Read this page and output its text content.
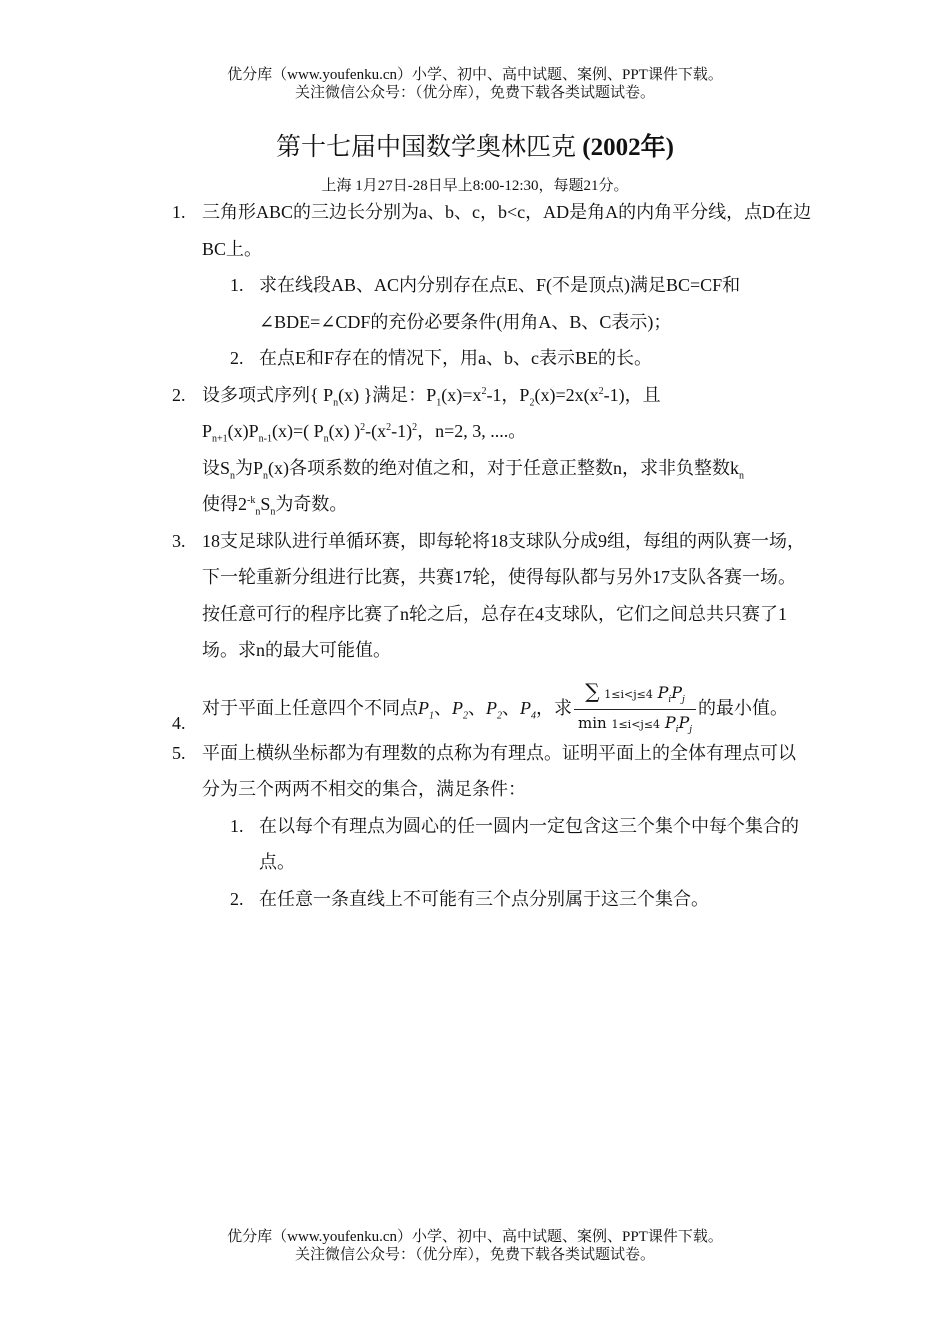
优分库（www.youfenku.cn）小学、初中、高中试题、案例、PPT课件下载。
关注微信公众号：（优分库），免费下载各类试题试卷。
第十七届中国数学奥林匹克 (2002年)
上海 1月27日-28日早上8:00-12:30，每题21分。
1. 三角形ABC的三边长分别为a、b、c，b<c，AD是角A的内角平分线，点D在边BC上。
1. 求在线段AB、AC内分别存在点E、F(不是顶点)满足BC=CF和∠BDE=∠CDF的充份必要条件(用角A、B、C表示)；
2. 在点E和F存在的情况下，用a、b、c表示BE的长。
2. 设多项式序列{ $P_n(x)$ }满足：$P_1(x)=x^2-1$，$P_2(x)=2x(x^2-1)$，且
$P_{n+1}(x)P_{n-1}(x)=$( $P_n(x)$ )$^2-(x^2-1)^2$，n=2, 3, ....。
设$S_n$为$P_n(x)$各项系数的绝对值之和，对于任意正整数n，求非负整数$k_n$
使得$2^{-k}_nS_n$为奇数。
3. 18支足球队进行单循环赛，即每轮将18支球队分成9组，每组的两队赛一场，下一轮重新分组进行比赛，共赛17轮，使得每队都与另外17支队各赛一场。按任意可行的程序比赛了n轮之后，总存在4支球队，它们之间总共只赛了1场。求n的最大可能值。
4.
对于平面上任意四个不同点$P_1$、$P_2$、$P_2$、$P_4$，求 $\frac{\sum 1\le i<j\le 4 P_iP_j}{\min 1\le i<j\le 4 P_iP_j}$ 的最小值。
5. 平面上横纵坐标都为有理数的点称为有理点。证明平面上的全体有理点可以分为三个两两不相交的集合，满足条件：
1. 在以每个有理点为圆心的任一圆内一定包含这三个集个中每个集合的点。
2. 在任意一条直线上不可能有三个点分别属于这三个集合。
优分库（www.youfenku.cn）小学、初中、高中试题、案例、PPT课件下载。
关注微信公众号：（优分库），免费下载各类试题试卷。
